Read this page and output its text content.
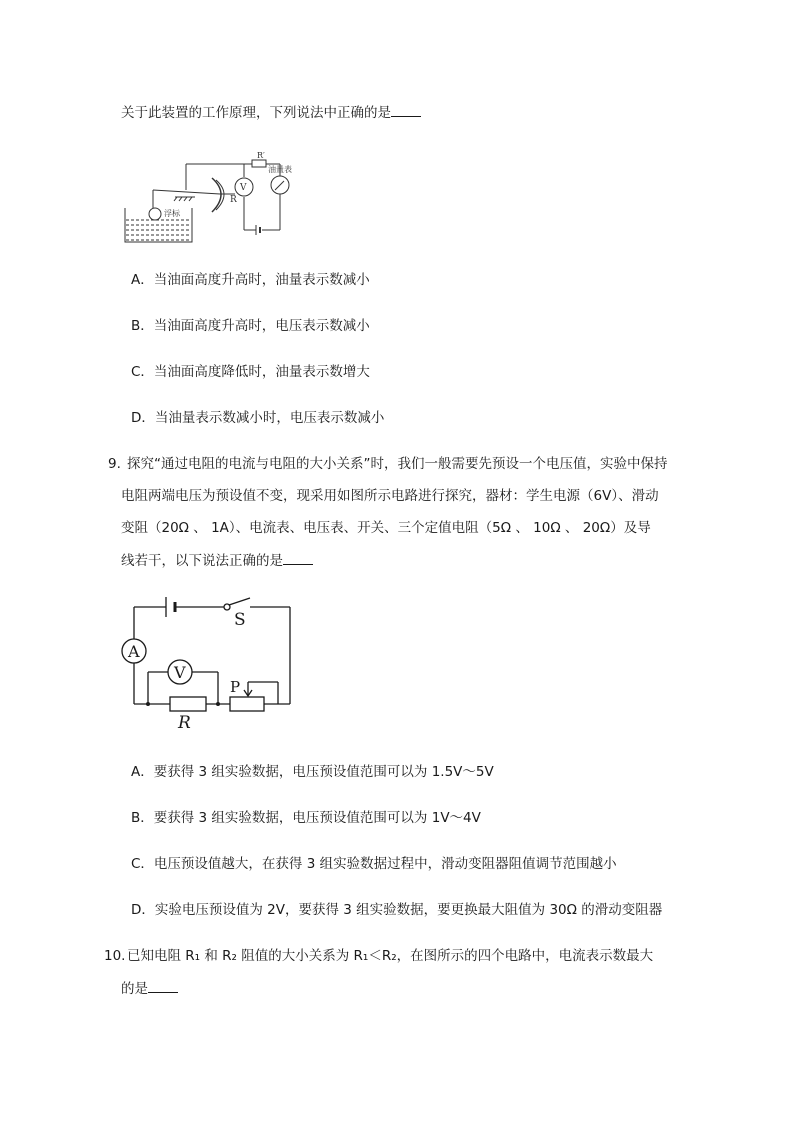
关于此装置的工作原理，下列说法中正确的是
R′
V
R
油量表
浮标
A．当油面高度升高时，油量表示数减小
B．当油面高度升高时，电压表示数减小
C．当油面高度降低时，油量表示数增大
D．当油量表示数减小时，电压表示数减小
9. 探究“通过电阻的电流与电阻的大小关系”时，我们一般需要先预设一个电压值，实验中保持
电阻两端电压为预设值不变，现采用如图所示电路进行探究，器材：学生电源（6V）、滑动
变阻（20Ω 、 1A）、电流表、电压表、开关、三个定值电阻（5Ω 、 10Ω 、 20Ω）及导
线若干，以下说法正确的是
A
V
S
P
R
A．要获得 3 组实验数据，电压预设值范围可以为 1.5V～5V
B．要获得 3 组实验数据，电压预设值范围可以为 1V～4V
C．电压预设值越大，在获得 3 组实验数据过程中，滑动变阻器阻值调节范围越小
D．实验电压预设值为 2V，要获得 3 组实验数据，要更换最大阻值为 30Ω 的滑动变阻器
10. 已知电阻 R₁ 和 R₂ 阻值的大小关系为 R₁＜R₂，在图所示的四个电路中，电流表示数最大
的是
